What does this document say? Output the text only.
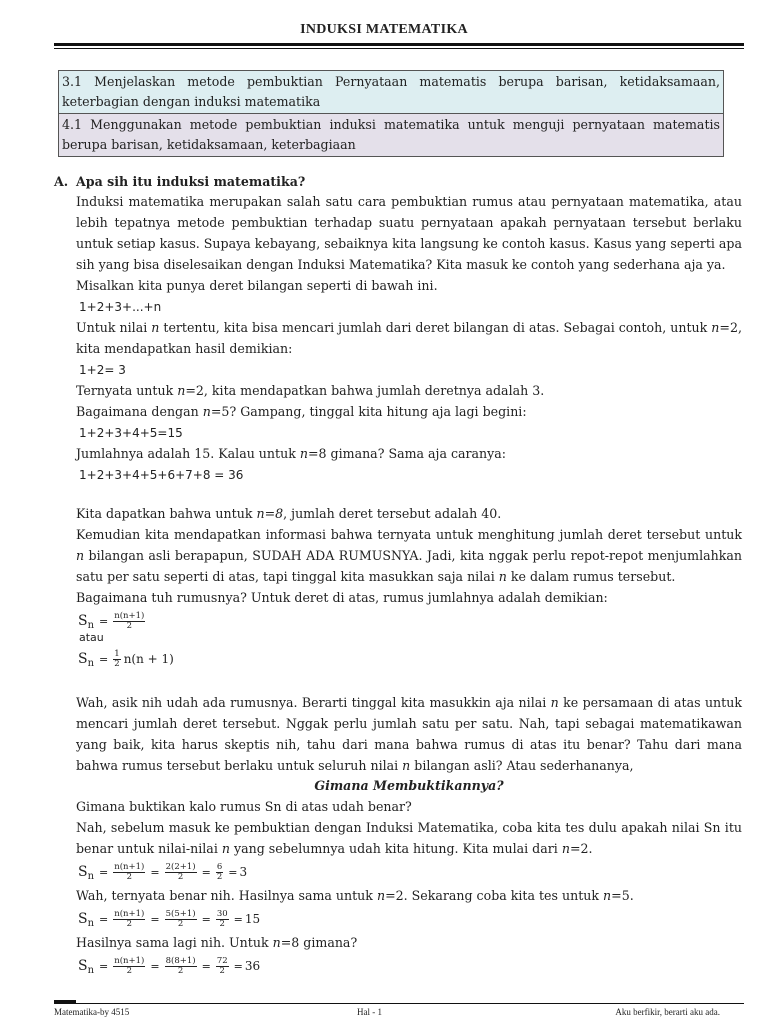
INDUKSI MATEMATIKA
3.1 Menjelaskan metode pembuktian Pernyataan matematis berupa barisan, ketidaksamaan, keterbagian dengan induksi matematika
4.1 Menggunakan metode pembuktian induksi matematika untuk menguji pernyataan matematis berupa barisan, ketidaksamaan, keterbagiaan
A. Apa sih itu induksi matematika?

Induksi matematika merupakan salah satu cara pembuktian rumus atau pernyataan matematika, atau lebih tepatnya metode pembuktian terhadap suatu pernyataan apakah pernyataan tersebut berlaku untuk setiap kasus. Supaya kebayang, sebaiknya kita langsung ke contoh kasus. Kasus yang seperti apa sih yang bisa diselesaikan dengan Induksi Matematika? Kita masuk ke contoh yang sederhana aja ya.

Misalkan kita punya deret bilangan seperti di bawah ini.

1+2+3+...+n

Untuk nilai n tertentu, kita bisa mencari jumlah dari deret bilangan di atas. Sebagai contoh, untuk n=2, kita mendapatkan hasil demikian:

1+2= 3

Ternyata untuk n=2, kita mendapatkan bahwa jumlah deretnya adalah 3.

Bagaimana dengan n=5? Gampang, tinggal kita hitung aja lagi begini:

1+2+3+4+5=15

Jumlahnya adalah 15. Kalau untuk n=8 gimana? Sama aja caranya:

1+2+3+4+5+6+7+8 = 36

Kita dapatkan bahwa untuk n=8, jumlah deret tersebut adalah 40.

Kemudian kita mendapatkan informasi bahwa ternyata untuk menghitung jumlah deret tersebut untuk n bilangan asli berapapun, SUDAH ADA RUMUSNYA. Jadi, kita nggak perlu repot-repot menjumlahkan satu per satu seperti di atas, tapi tinggal kita masukkan saja nilai n ke dalam rumus tersebut.

Bagaimana tuh rumusnya? Untuk deret di atas, rumus jumlahnya adalah demikian:

S $n = \frac{n(n+1)}{2}$
atau
S $n = \frac{1}{2} n(n + 1)$

Wah, asik nih udah ada rumusnya. Berarti tinggal kita masukkin aja nilai n ke persamaan di atas untuk mencari jumlah deret tersebut. Nggak perlu jumlah satu per satu. Nah, tapi sebagai matematikawan yang baik, kita harus skeptis nih, tahu dari mana bahwa rumus di atas itu benar? Tahu dari mana bahwa rumus tersebut berlaku untuk seluruh nilai n bilangan asli? Atau sederhananya,

Gimana Membuktikannya?

Gimana buktikan kalo rumus Sn di atas udah benar?

Nah, sebelum masuk ke pembuktian dengan Induksi Matematika, coba kita tes dulu apakah nilai Sn itu benar untuk nilai-nilai n yang sebelumnya udah kita hitung. Kita mulai dari n=2.

S $n = \frac{n(n+1)}{2} = \frac{2(2+1)}{2} = \frac{6}{2} = 3$

Wah, ternyata benar nih. Hasilnya sama untuk n=2. Sekarang coba kita tes untuk n=5.

S $n = \frac{n(n+1)}{2} = \frac{5(5+1)}{2} = \frac{30}{2} = 15$

Hasilnya sama lagi nih. Untuk n=8 gimana?

S $n = \frac{n(n+1)}{2} = \frac{8(8+1)}{2} = \frac{72}{2} = 36$
Matematika-by 4515	Hal - 1	Aku berfikir, berarti aku ada.
